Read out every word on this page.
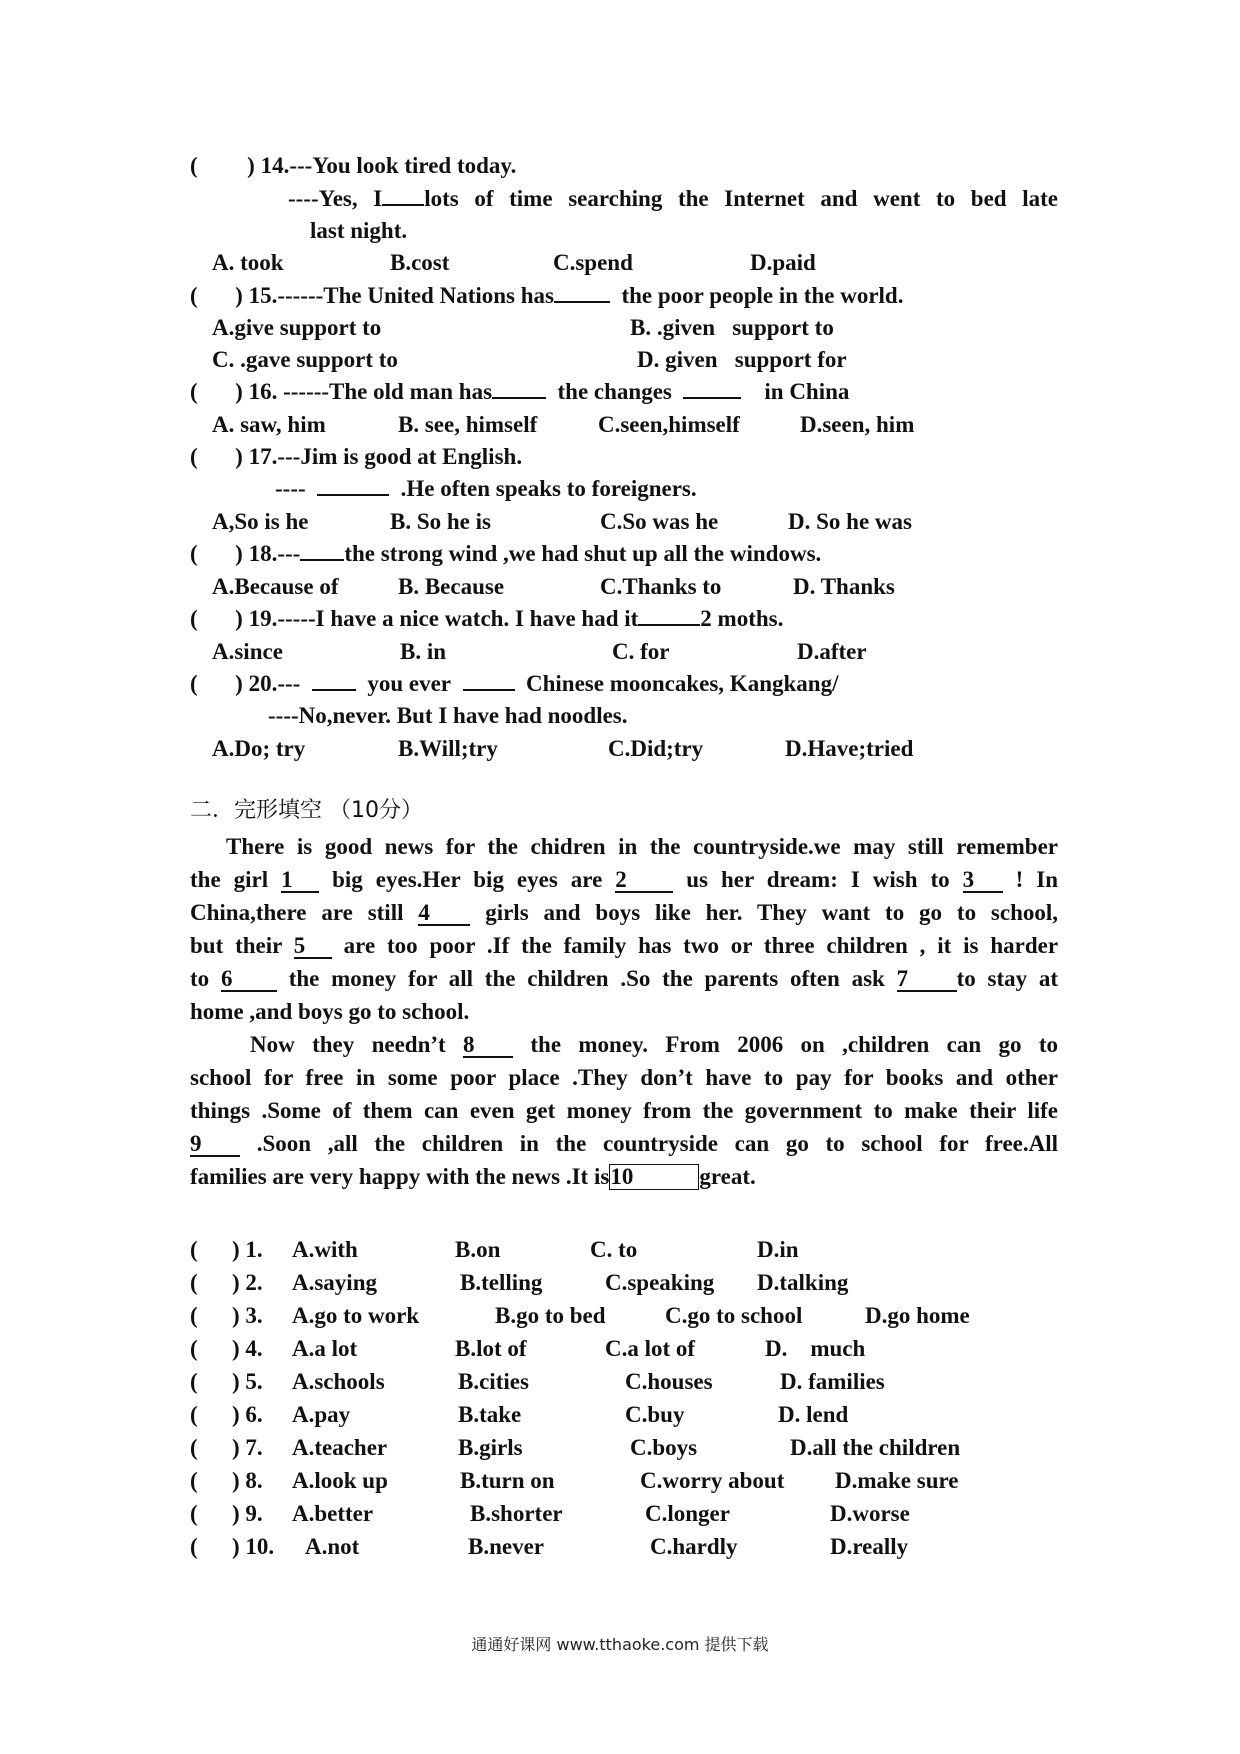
( ) 14.---You look tired today.
----Yes, I lots of time searching the Internet and went to bed late
last night.
A. took	B.cost	C.spend	D.paid
( ) 15.------The United Nations has	the poor people in the world.
A.give support to	B. .given   support to
C. .gave support to	D. given   support for
( ) 16. ------The old man has	the changes	in China
A. saw, him	B. see, himself	C.seen,himself	D.seen, him
( ) 17.---Jim is good at English.
----	.He often speaks to foreigners.
A,So is he	B. So he is	C.So was he	D. So he was
( ) 18.--- the strong wind ,we had shut up all the windows.
A.Because of	B. Because	C.Thanks to	D. Thanks
( ) 19.-----I have a nice watch. I have had it	2 moths.
A.since	B. in	C. for	D.after
( ) 20.---	you ever	Chinese mooncakes, Kangkang/
----No,never. But I have had noodles.
A.Do; try	B.Will;try	C.Did;try	D.Have;tried
二．完形填空 （10分）
There is good news for the chidren in the countryside.we may still remember
the girl 1 big eyes.Her big eyes are 2	us her dream: I wish to 3 ! In
China,there are still 4 girls and boys like her. They want to go to school,
but their 5 are too poor .If the family has two or three children , it is harder
to 6 the money for all the children .So the parents often ask 7 to stay at
home ,and boys go to school.
Now they needn’t 8 the money. From 2006 on ,children can go to
school for free in some poor place .They don’t have to pay for books and other
things .Some of them can even get money from the government to make their life
9 .Soon ,all the children in the countryside can go to school for free.All
families are very happy with the news .It is10	great.
( ) 1. A.with	B.on	C. to	D.in
( ) 2. A.saying	B.telling	C.speaking D.talking
( ) 3. A.go to work	B.go to bed	C.go to school	D.go home
( ) 4. A.a lot	B.lot of	C.a lot of	D.    much
( ) 5. A.schools	B.cities	C.houses	D. families
( ) 6. A.pay	B.take	C.buy	D. lend
( ) 7. A.teacher	B.girls	C.boys	D.all the children
( ) 8. A.look up	B.turn on	C.worry about D.make sure
( ) 9. A.better	B.shorter	C.longer	D.worse
( ) 10. A.not	B.never	C.hardly	D.really
通通好课网 www.tthaoke.com 提供下载
